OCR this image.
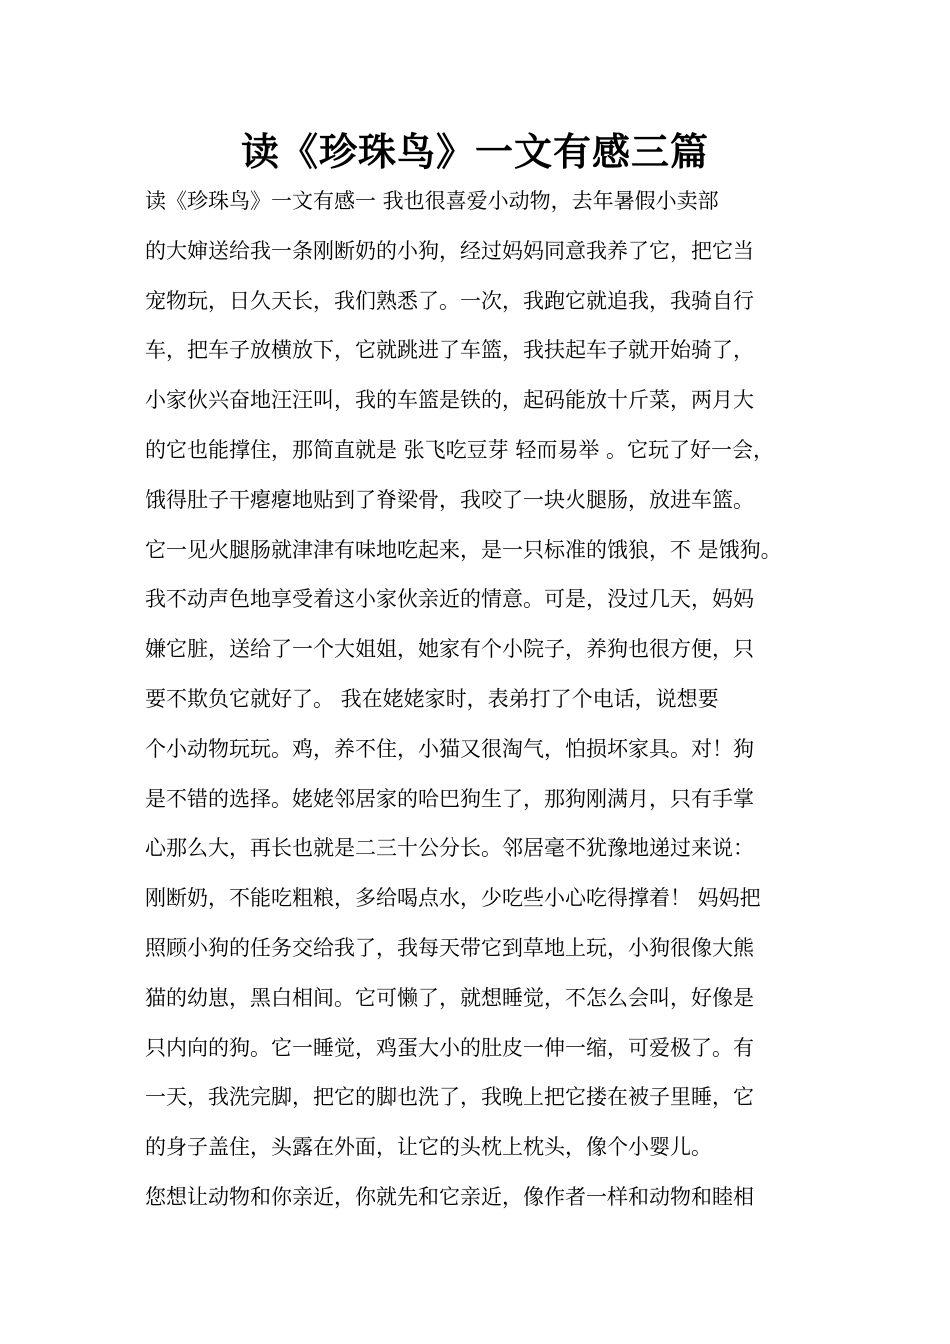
读《珍珠鸟》一文有感三篇
读《珍珠鸟》一文有感一 我也很喜爱小动物，去年暑假小卖部
的大婶送给我一条刚断奶的小狗，经过妈妈同意我养了它，把它当
宠物玩，日久天长，我们熟悉了。一次，我跑它就追我，我骑自行
车，把车子放横放下，它就跳进了车篮，我扶起车子就开始骑了，
小家伙兴奋地汪汪叫，我的车篮是铁的，起码能放十斤菜，两月大
的它也能撑住，那简直就是 张飞吃豆芽 轻而易举 。它玩了好一会，
饿得肚子干瘪瘪地贴到了脊梁骨，我咬了一块火腿肠，放进车篮。
它一见火腿肠就津津有味地吃起来，是一只标准的饿狼，不 是饿狗。
我不动声色地享受着这小家伙亲近的情意。可是，没过几天，妈妈
嫌它脏，送给了一个大姐姐，她家有个小院子，养狗也很方便，只
要不欺负它就好了。 我在姥姥家时，表弟打了个电话，说想要
个小动物玩玩。鸡，养不住，小猫又很淘气，怕损坏家具。对！狗
是不错的选择。姥姥邻居家的哈巴狗生了，那狗刚满月，只有手掌
心那么大，再长也就是二三十公分长。邻居毫不犹豫地递过来说：
刚断奶，不能吃粗粮，多给喝点水，少吃些小心吃得撑着！ 妈妈把
照顾小狗的任务交给我了，我每天带它到草地上玩，小狗很像大熊
猫的幼崽，黑白相间。它可懒了，就想睡觉，不怎么会叫，好像是
只内向的狗。它一睡觉，鸡蛋大小的肚皮一伸一缩，可爱极了。有
一天，我洗完脚，把它的脚也洗了，我晚上把它搂在被子里睡，它
的身子盖住，头露在外面，让它的头枕上枕头，像个小婴儿。
您想让动物和你亲近，你就先和它亲近，像作者一样和动物和睦相
